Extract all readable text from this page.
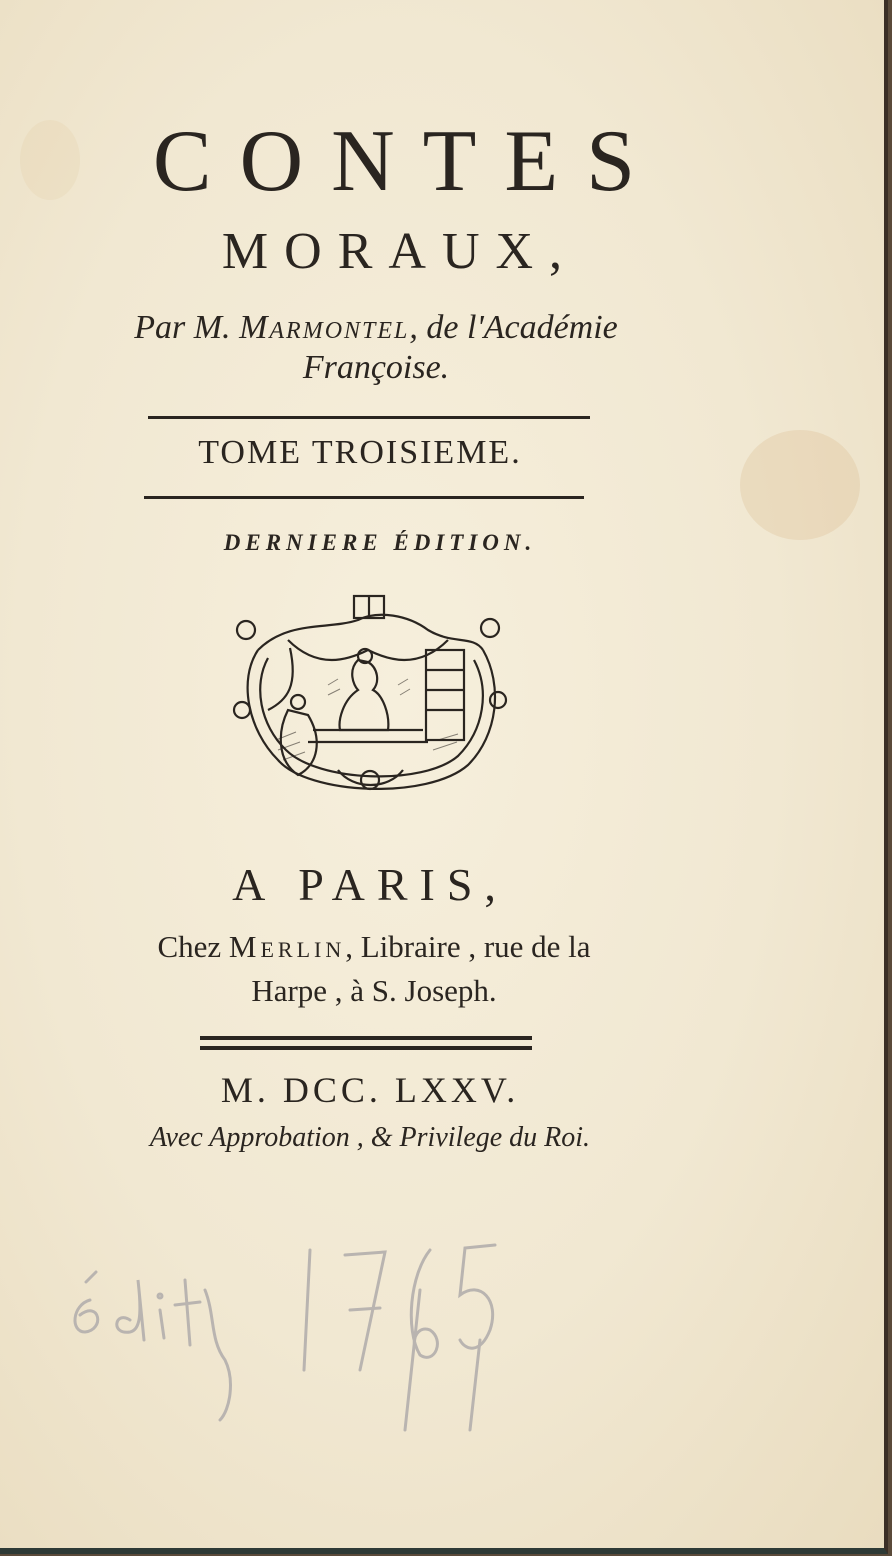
CONTES
MORAUX,
Par M. Marmontel, de l'Académie
Françoise.
TOME TROISIEME.
DERNIERE ÉDITION.
A PARIS,
Chez Merlin, Libraire , rue de la
Harpe , à S. Joseph.
M. DCC. LXXV.
Avec Approbation , & Privilege du Roi.
édit 1765
